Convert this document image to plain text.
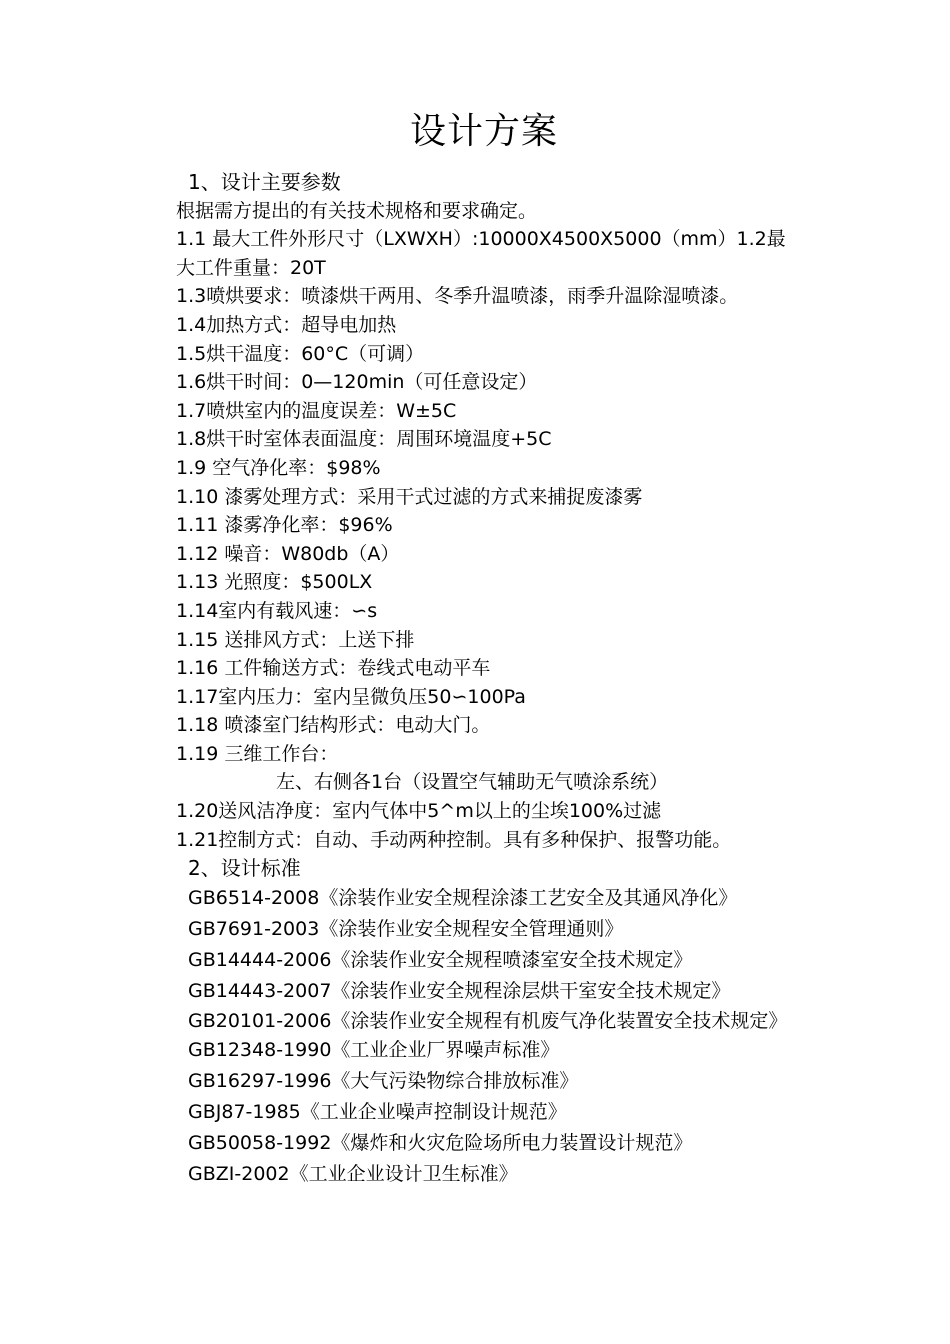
设计方案
1、设计主要参数
根据需方提出的有关技术规格和要求确定。
1.1 最大工件外形尺寸（LXWXH）:10000X4500X5000（mm）1.2最
大工件重量：20T
1.3喷烘要求：喷漆烘干两用、冬季升温喷漆，雨季升温除湿喷漆。
1.4加热方式：超导电加热
1.5烘干温度：60°C（可调）
1.6烘干时间：0—120min（可任意设定）
1.7喷烘室内的温度误差：W±5C
1.8烘干时室体表面温度：周围环境温度+5C
1.9 空气净化率：$98%
1.10 漆雾处理方式：采用干式过滤的方式来捕捉废漆雾
1.11 漆雾净化率：$96%
1.12 噪音：W80db（A）
1.13 光照度：$500LX
1.14室内有载风速：∽s
1.15 送排风方式：上送下排
1.16 工件输送方式：卷线式电动平车
1.17室内压力：室内呈微负压50∽100Pa
1.18 喷漆室门结构形式：电动大门。
1.19 三维工作台：
左、右侧各1台（设置空气辅助无气喷涂系统）
1.20送风洁净度：室内气体中5^m以上的尘埃100%过滤
1.21控制方式：自动、手动两种控制。具有多种保护、报警功能。
2、设计标准
GB6514-2008《涂装作业安全规程涂漆工艺安全及其通风净化》
GB7691-2003《涂装作业安全规程安全管理通则》
GB14444-2006《涂装作业安全规程喷漆室安全技术规定》
GB14443-2007《涂装作业安全规程涂层烘干室安全技术规定》
GB20101-2006《涂装作业安全规程有机废气净化装置安全技术规定》
GB12348-1990《工业企业厂界噪声标准》
GB16297-1996《大气污染物综合排放标准》
GBJ87-1985《工业企业噪声控制设计规范》
GB50058-1992《爆炸和火灾危险场所电力装置设计规范》
GBZI-2002《工业企业设计卫生标准》
